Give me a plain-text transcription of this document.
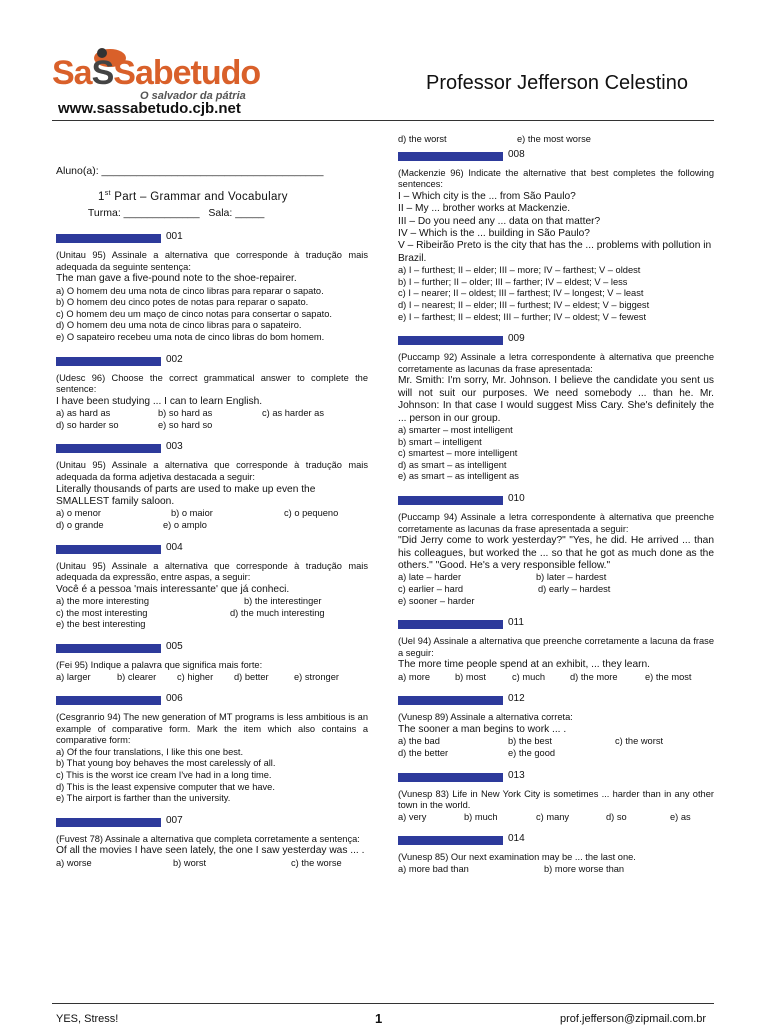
SaSSabetudo
O salvador da pátria
www.sassabetudo.cjb.net
Professor Jefferson Celestino

Aluno(a): ______________________________________

Turma: _____________   Sala: _____

1st Part – Grammar and Vocabulary
001

(Unitau 95) Assinale a alternativa que corresponde à tradução mais adequada da seguinte sentença:

The man gave a five-pound note to the shoe-repairer.

a) O homem deu uma nota de cinco libras para reparar o sapato.

b) O homem deu cinco potes de notas para reparar o sapato.

c) O homem deu um maço de cinco notas para consertar o sapato.

d) O homem deu uma nota de cinco libras para o sapateiro.

e) O sapateiro recebeu uma nota de cinco libras do bom homem.

002

(Udesc 96) Choose the correct grammatical answer to complete the sentence:

I have been studying ... I can to learn English.

a) as hard as	b) so hard as	c) as harder as
d) so harder so	e) so hard so
003

(Unitau 95) Assinale a alternativa que corresponde à tradução mais adequada da forma adjetiva destacada a seguir:

Literally thousands of parts are used to make up even the SMALLEST family saloon.

a) o menor	b) o maior	c) o pequeno
d) o grande	e) o amplo
004

(Unitau 95) Assinale a alternativa que corresponde à tradução mais adequada da expressão, entre aspas, a seguir:

Você é a pessoa 'mais interessante' que já conheci.

a) the more interesting	b) the interestinger
c) the most interesting	d) the much interesting

e) the best interesting

005

(Fei 95) Indique a palavra que significa mais forte:

a) larger	b) clearer	c) higher	d) better	e) stronger
006

(Cesgranrio 94) The new generation of MT programs is less ambitious is an example of comparative form. Mark the item which also contains a comparative form:

a) Of the four translations, I like this one best.

b) That young boy behaves the most carelessly of all.

c) This is the worst ice cream I've had in a long time.

d) This is the least expensive computer that we have.

e) The airport is farther than the university.

007

(Fuvest 78) Assinale a alternativa que completa corretamente a sentença:

Of all the movies I have seen lately, the one I saw yesterday was ... .

a) worse	b) worst	c) the worse
d) the worst	e) the most worse
008

(Mackenzie 96) Indicate the alternative that best completes the following sentences:

I – Which city is the ... from São Paulo?

II – My ... brother works at Mackenzie.

III – Do you need any ... data on that matter?

IV – Which is the ... building in São Paulo?

V – Ribeirão Preto is the city that has the ... problems with pollution in Brazil.

a) I – furthest; II – elder; III – more; IV – farthest; V – oldest

b) I – further; II – older; III – farther; IV – eldest; V – less

c) I – nearer; II – oldest; III – farthest; IV – longest; V – least

d) I – nearest; II – elder; III – furthest; IV – eldest; V – biggest

e) I – farthest; II – eldest; III – further; IV – oldest; V – fewest

009

(Puccamp 92) Assinale a letra correspondente à alternativa que preenche corretamente as lacunas da frase apresentada:

Mr. Smith: I'm sorry, Mr. Johnson. I believe the candidate you sent us will not suit our purposes. We need somebody ... than he. Mr. Johnson: In that case I would suggest Miss Cary. She's definitely the ... person in our group.

a) smarter – most intelligent

b) smart – intelligent

c) smartest – more intelligent

d) as smart – as intelligent

e) as smart – as intelligent as

010

(Puccamp 94) Assinale a letra correspondente à alternativa que preenche corretamente as lacunas da frase apresentada a seguir:

"Did Jerry come to work yesterday?" "Yes, he did. He arrived ... than his colleagues, but worked the ... so that he got as much done as the others." "Good. He's a very responsible fellow."

a) late – harder	b) later – hardest
c) earlier – hard	d) early – hardest

e) sooner – harder

011

(Uel 94) Assinale a alternativa que preenche corretamente a lacuna da frase a seguir:

The more time people spend at an exhibit, ... they learn.

a) more	b) most	c) much	d) the more	e) the most
012

(Vunesp 89) Assinale a alternativa correta:

The sooner a man begins to work ... .

a) the bad	b) the best	c) the worst
d) the better	e) the good
013

(Vunesp 83) Life in New York City is sometimes ... harder than in any other town in the world.

a) very	b) much	c) many	d) so	e) as
014

(Vunesp 85) Our next examination may be ... the last one.

a) more bad than	b) more worse than
YES, Stress!	1	prof.jefferson@zipmail.com.br
